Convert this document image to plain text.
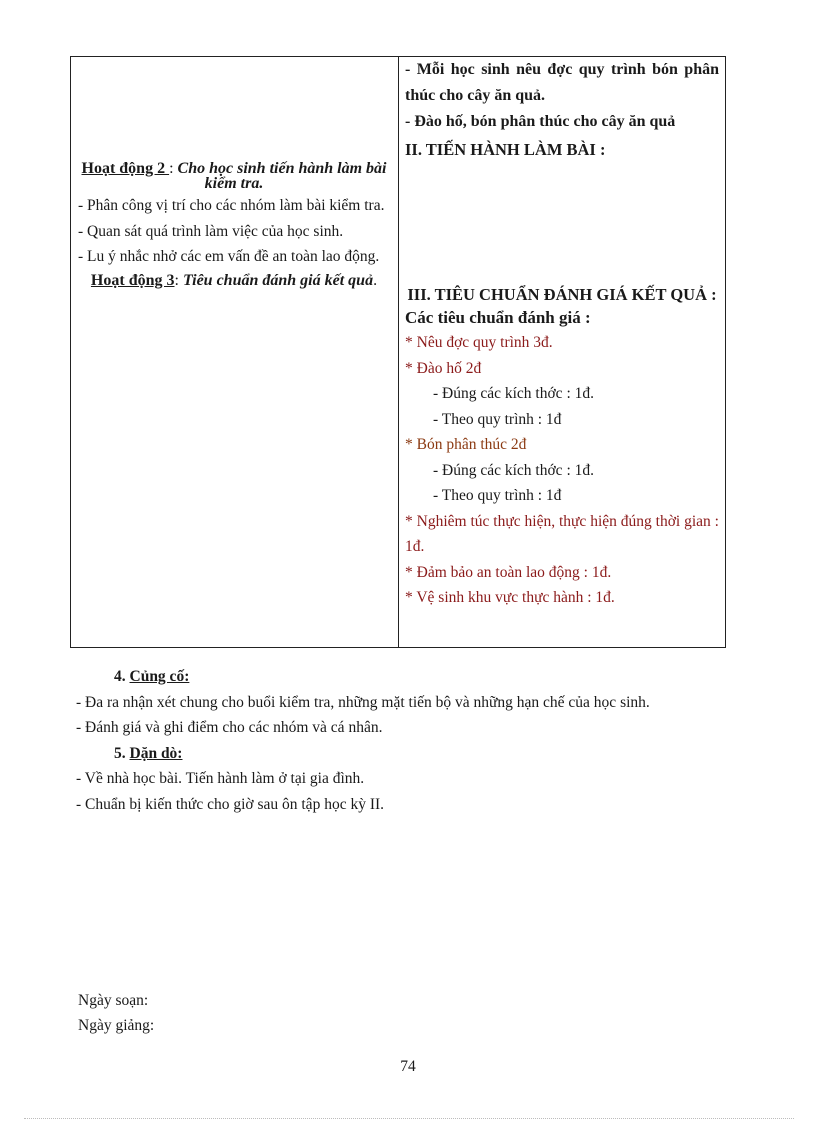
Hoạt động 2 : Cho học sinh tiến hành làm bài kiểm tra.

- Phân công vị trí cho các nhóm làm bài kiểm tra.

- Quan sát quá trình làm việc của học sinh.

- Lu ý nhắc nhở các em vấn đề an toàn lao động.

Hoạt động 3: Tiêu chuẩn đánh giá kết quả.

- Mỗi học sinh nêu đợc quy trình bón phân thúc cho cây ăn quả.

- Đào hố, bón phân thúc cho cây ăn quả

II. TIẾN HÀNH LÀM BÀI :

III. TIÊU CHUẨN ĐÁNH GIÁ KẾT QUẢ :

Các tiêu chuẩn đánh giá :

* Nêu đợc quy trình 3đ.

* Đào hố 2đ

- Đúng các kích thớc : 1đ.

- Theo quy trình : 1đ

* Bón phân thúc 2đ

- Đúng các kích thớc : 1đ.

- Theo quy trình : 1đ

* Nghiêm túc thực hiện, thực hiện đúng thời gian : 1đ.

* Đảm bảo an toàn lao động : 1đ.

* Vệ sinh khu vực thực hành : 1đ.

4. Củng cố:

- Đa ra nhận xét chung cho buổi kiểm tra, những mặt tiến bộ và những hạn chế của học sinh.

- Đánh giá và ghi điểm cho các nhóm và cá nhân.

5. Dặn dò:

- Về nhà học bài. Tiến hành làm ở tại gia đình.

- Chuẩn bị kiến thức cho giờ sau ôn tập học kỳ II.

Ngày soạn:

Ngày giảng:

74
